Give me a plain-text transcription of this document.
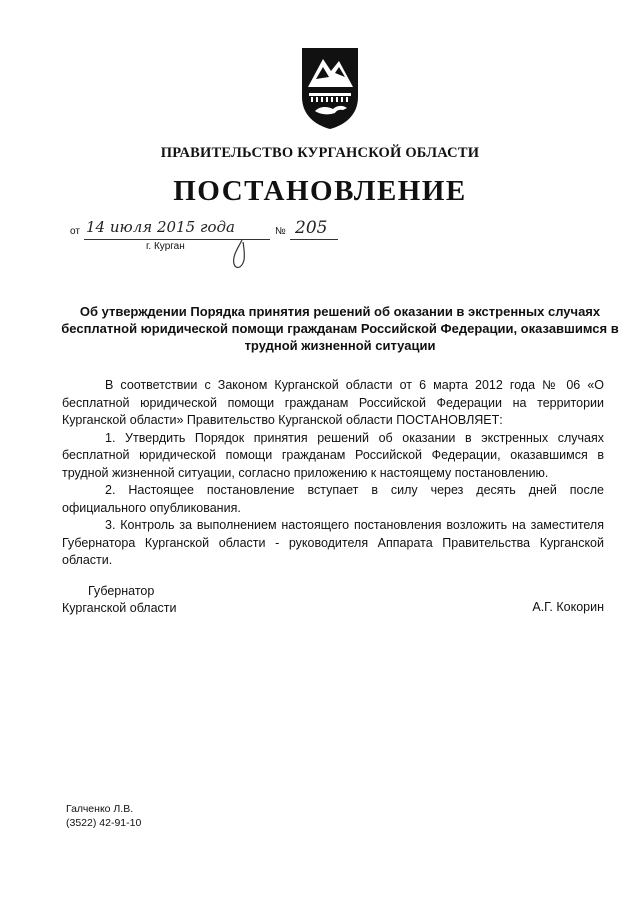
ПРАВИТЕЛЬСТВО КУРГАНСКОЙ ОБЛАСТИ
ПОСТАНОВЛЕНИЕ
от 14 июля 2015 года	№ 205
г. Курган
Об утверждении Порядка принятия решений об оказании в экстренных случаях бесплатной юридической помощи гражданам Российской Федерации, оказавшимся в трудной жизненной ситуации

В соответствии с Законом Курганской области от 6 марта 2012 года № 06 «О бесплатной юридической помощи гражданам Российской Федерации на территории Курганской области» Правительство Курганской области ПОСТАНОВЛЯЕТ:

1. Утвердить Порядок принятия решений об оказании в экстренных случаях бесплатной юридической помощи гражданам Российской Федерации, оказавшимся в трудной жизненной ситуации, согласно приложению к настоящему постановлению.

2. Настоящее постановление вступает в силу через десять дней после официального опубликования.

3. Контроль за выполнением настоящего постановления возложить на заместителя Губернатора Курганской области - руководителя Аппарата Правительства Курганской области.

Губернатор
Курганской области	А.Г. Кокорин
Галченко Л.В.
(3522) 42-91-10
